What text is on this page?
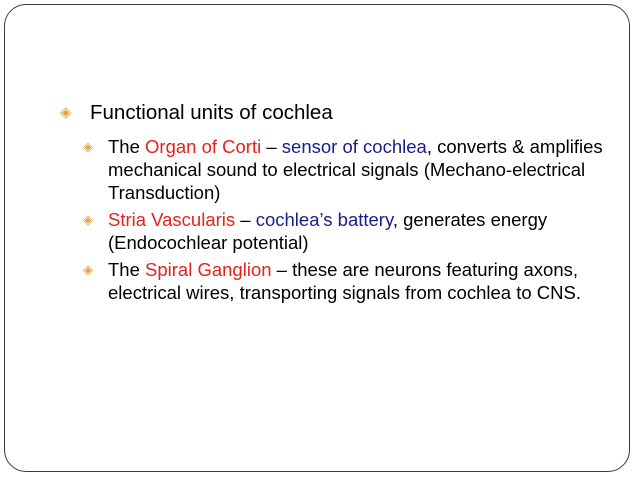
◈ Functional units of cochlea
◈ The Organ of Corti – sensor of cochlea, converts & amplifies mechanical sound to electrical signals (Mechano-electrical Transduction)
◈ Stria Vascularis – cochlea’s battery, generates energy (Endocochlear potential)
◈ The Spiral Ganglion – these are neurons featuring axons, electrical wires, transporting signals from cochlea to CNS.
